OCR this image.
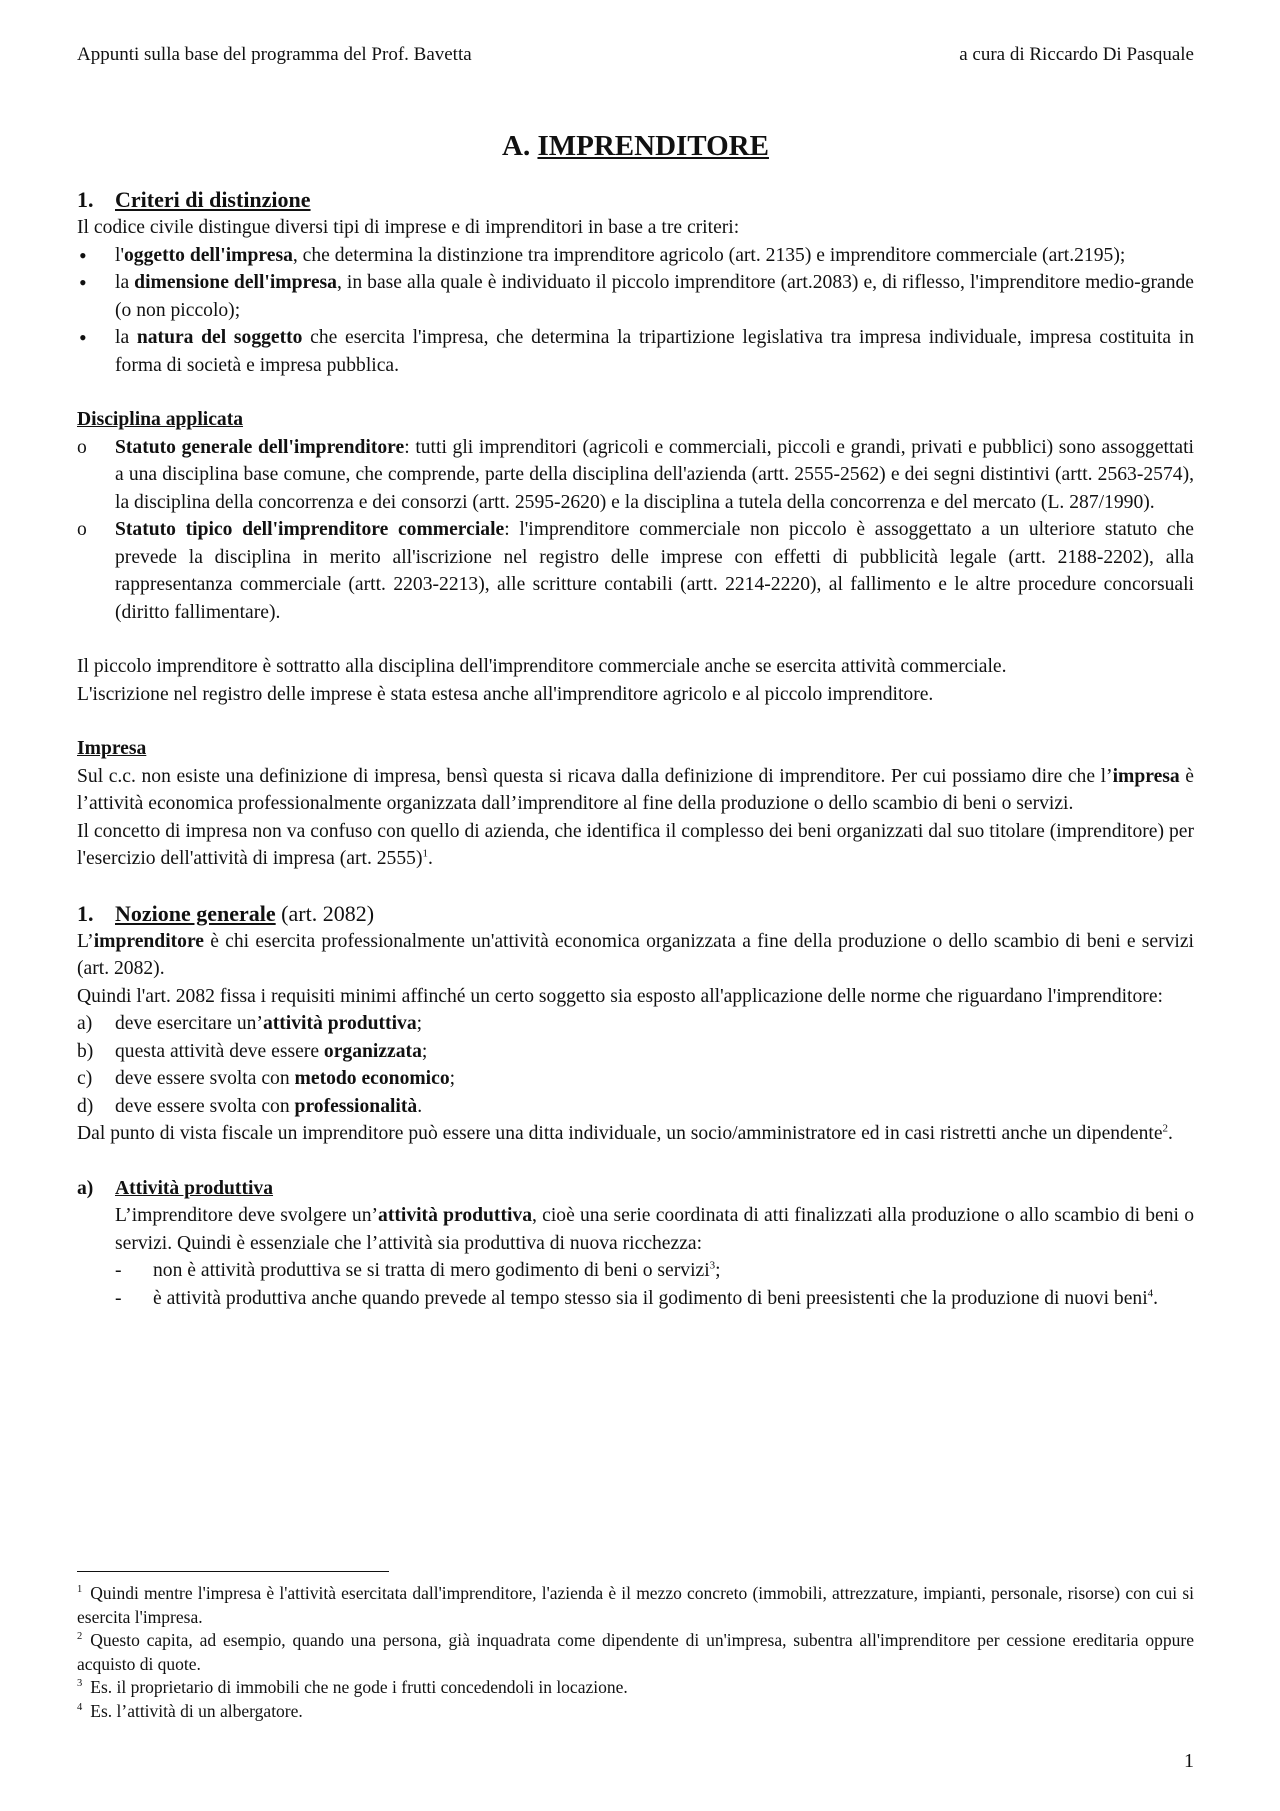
Appunti sulla base del programma del Prof. Bavetta	a cura di Riccardo Di Pasquale

A. IMPRENDITORE

1. Criteri di distinzione

Il codice civile distingue diversi tipi di imprese e di imprenditori in base a tre criteri:

•
l'oggetto dell'impresa, che determina la distinzione tra imprenditore agricolo (art. 2135) e imprenditore commerciale (art.2195);
•
la dimensione dell'impresa, in base alla quale è individuato il piccolo imprenditore (art.2083) e, di riflesso, l'imprenditore medio-grande (o non piccolo);
•
la natura del soggetto che esercita l'impresa, che determina la tripartizione legislativa tra impresa individuale, impresa costituita in forma di società e impresa pubblica.

Disciplina applicata

o	Statuto generale dell'imprenditore: tutti gli imprenditori (agricoli e commerciali, piccoli e grandi, privati e pubblici) sono assoggettati a una disciplina base comune, che comprende, parte della disciplina dell'azienda (artt. 2555-2562) e dei segni distintivi (artt. 2563-2574), la disciplina della concorrenza e dei consorzi (artt. 2595-2620) e la disciplina a tutela della concorrenza e del mercato (L. 287/1990).
o	Statuto tipico dell'imprenditore commerciale: l'imprenditore commerciale non piccolo è assoggettato a un ulteriore statuto che prevede la disciplina in merito all'iscrizione nel registro delle imprese con effetti di pubblicità legale (artt. 2188-2202), alla rappresentanza commerciale (artt. 2203-2213), alle scritture contabili (artt. 2214-2220), al fallimento e le altre procedure concorsuali (diritto fallimentare).

Il piccolo imprenditore è sottratto alla disciplina dell'imprenditore commerciale anche se esercita attività commerciale.

L'iscrizione nel registro delle imprese è stata estesa anche all'imprenditore agricolo e al piccolo imprenditore.

Impresa

Sul c.c. non esiste una definizione di impresa, bensì questa si ricava dalla definizione di imprenditore. Per cui possiamo dire che l’impresa è l’attività economica professionalmente organizzata dall’imprenditore al fine della produzione o dello scambio di beni o servizi.

Il concetto di impresa non va confuso con quello di azienda, che identifica il complesso dei beni organizzati dal suo titolare (imprenditore) per l'esercizio dell'attività di impresa (art. 2555)$^1$.

1. Nozione generale (art. 2082)

L’imprenditore è chi esercita professionalmente un'attività economica organizzata a fine della produzione o dello scambio di beni e servizi (art. 2082).

Quindi l'art. 2082 fissa i requisiti minimi affinché un certo soggetto sia esposto all'applicazione delle norme che riguardano l'imprenditore:

a)	deve esercitare un’attività produttiva;
b)	questa attività deve essere organizzata;
c)	deve essere svolta con metodo economico;
d)	deve essere svolta con professionalità.

Dal punto di vista fiscale un imprenditore può essere una ditta individuale, un socio/amministratore ed in casi ristretti anche un dipendente$^2$.

a)	Attività produttiva

L’imprenditore deve svolgere un’attività produttiva, cioè una serie coordinata di atti finalizzati alla produzione o allo scambio di beni o servizi. Quindi è essenziale che l’attività sia produttiva di nuova ricchezza:

-	non è attività produttiva se si tratta di mero godimento di beni o servizi$^3$;
-	è attività produttiva anche quando prevede al tempo stesso sia il godimento di beni preesistenti che la produzione di nuovi beni$^4$.

$^1$ Quindi mentre l'impresa è l'attività esercitata dall'imprenditore, l'azienda è il mezzo concreto (immobili, attrezzature, impianti, personale, risorse) con cui si esercita l'impresa.

$^2$ Questo capita, ad esempio, quando una persona, già inquadrata come dipendente di un'impresa, subentra all'imprenditore per cessione ereditaria oppure acquisto di quote.

$^3$ Es. il proprietario di immobili che ne gode i frutti concedendoli in locazione.

$^4$ Es. l’attività di un albergatore.

1
